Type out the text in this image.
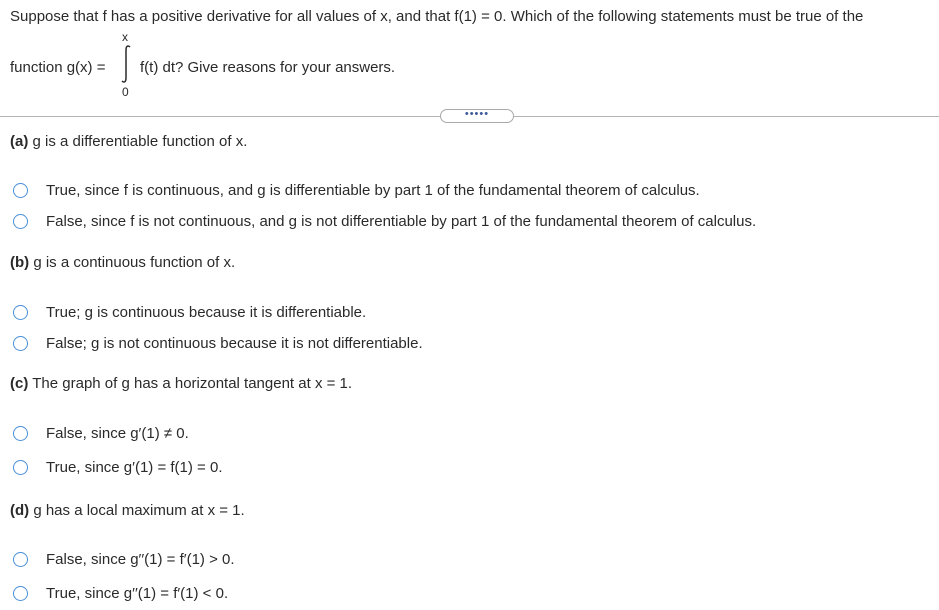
Suppose that f has a positive derivative for all values of x, and that f(1) = 0. Which of the following statements must be true of the
function g(x) =
x
0
f(t) dt? Give reasons for your answers.
•••••
(a) g is a differentiable function of x.
True, since f is continuous, and g is differentiable by part 1 of the fundamental theorem of calculus.
False, since f is not continuous, and g is not differentiable by part 1 of the fundamental theorem of calculus.
(b) g is a continuous function of x.
True; g is continuous because it is differentiable.
False; g is not continuous because it is not differentiable.
(c) The graph of g has a horizontal tangent at x = 1.
False, since g′(1) ≠ 0.
True, since g′(1) = f(1) = 0.
(d) g has a local maximum at x = 1.
False, since g′′(1) = f′(1) > 0.
True, since g′′(1) = f′(1) < 0.
